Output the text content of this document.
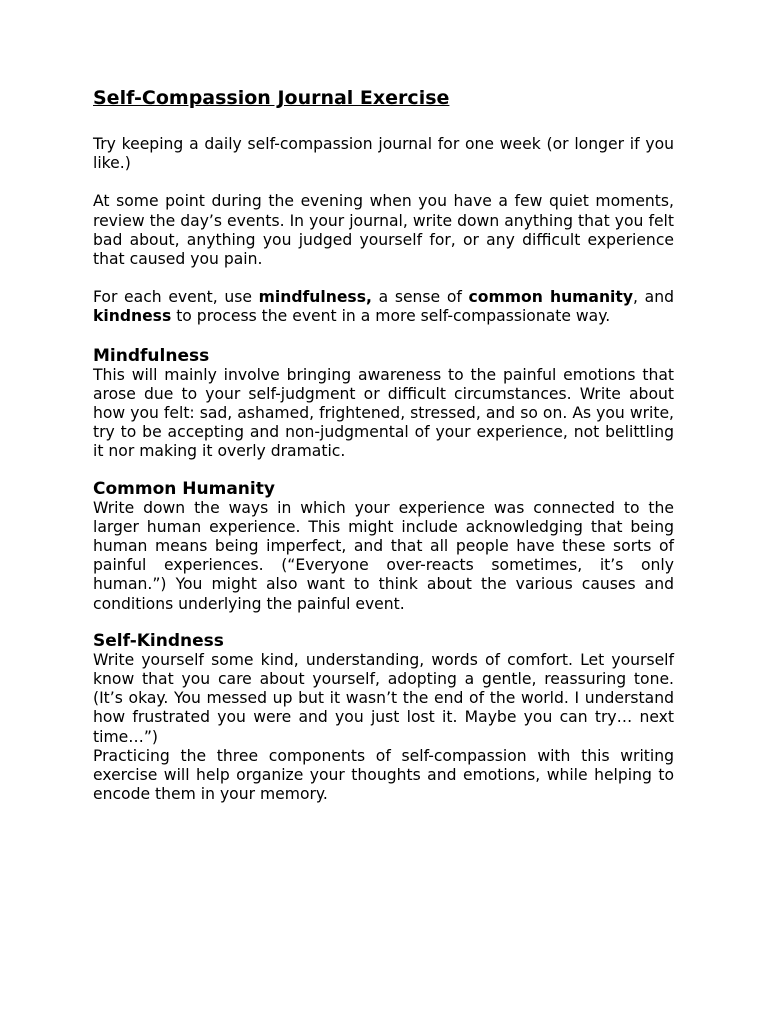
Self-Compassion Journal Exercise

Try keeping a daily self-compassion journal for one week (or longer if you like.)

At some point during the evening when you have a few quiet moments, review the day’s events. In your journal, write down anything that you felt bad about, anything you judged yourself for, or any difficult experience that caused you pain.

For each event, use mindfulness, a sense of common humanity, and kindness to process the event in a more self-compassionate way.

Mindfulness

This will mainly involve bringing awareness to the painful emotions that arose due to your self-judgment or difficult circumstances. Write about how you felt: sad, ashamed, frightened, stressed, and so on. As you write, try to be accepting and non-judgmental of your experience, not belittling it nor making it overly dramatic.

Common Humanity

Write down the ways in which your experience was connected to the larger human experience. This might include acknowledging that being human means being imperfect, and that all people have these sorts of painful experiences. (“Everyone over-reacts sometimes, it’s only human.”) You might also want to think about the various causes and conditions underlying the painful event.

Self-Kindness

Write yourself some kind, understanding, words of comfort. Let yourself know that you care about yourself, adopting a gentle, reassuring tone. (It’s okay. You messed up but it wasn’t the end of the world. I understand how frustrated you were and you just lost it. Maybe you can try… next time…”)

Practicing the three components of self-compassion with this writing exercise will help organize your thoughts and emotions, while helping to encode them in your memory.
